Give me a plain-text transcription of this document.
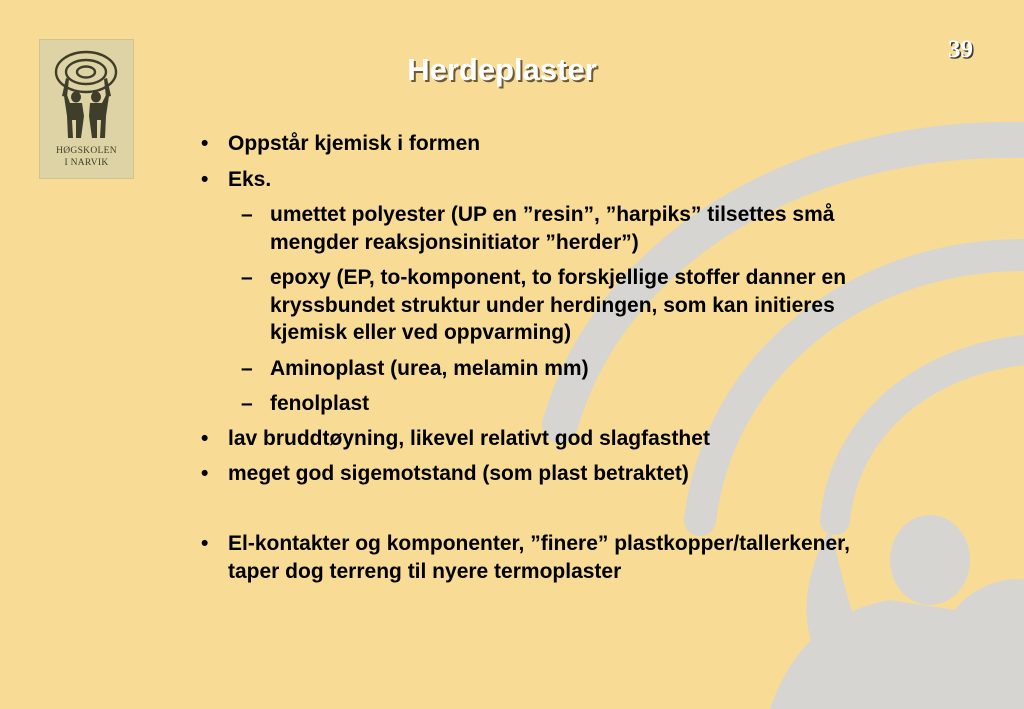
HØGSKOLEN
I NARVIK
Herdeplaster
39
• Oppstår kjemisk i formen
• Eks.
– umettet polyester (UP en ”resin”, ”harpiks” tilsettes små mengder reaksjonsinitiator ”herder”)
– epoxy (EP, to-komponent, to forskjellige stoffer danner en kryssbundet struktur under herdingen, som kan initieres kjemisk eller ved oppvarming)
– Aminoplast (urea, melamin mm)
– fenolplast
• lav bruddtøyning, likevel relativt god slagfasthet
• meget god sigemotstand (som plast betraktet)
• El-kontakter og komponenter, ”finere” plastkopper/tallerkener, taper dog terreng til nyere termoplaster
